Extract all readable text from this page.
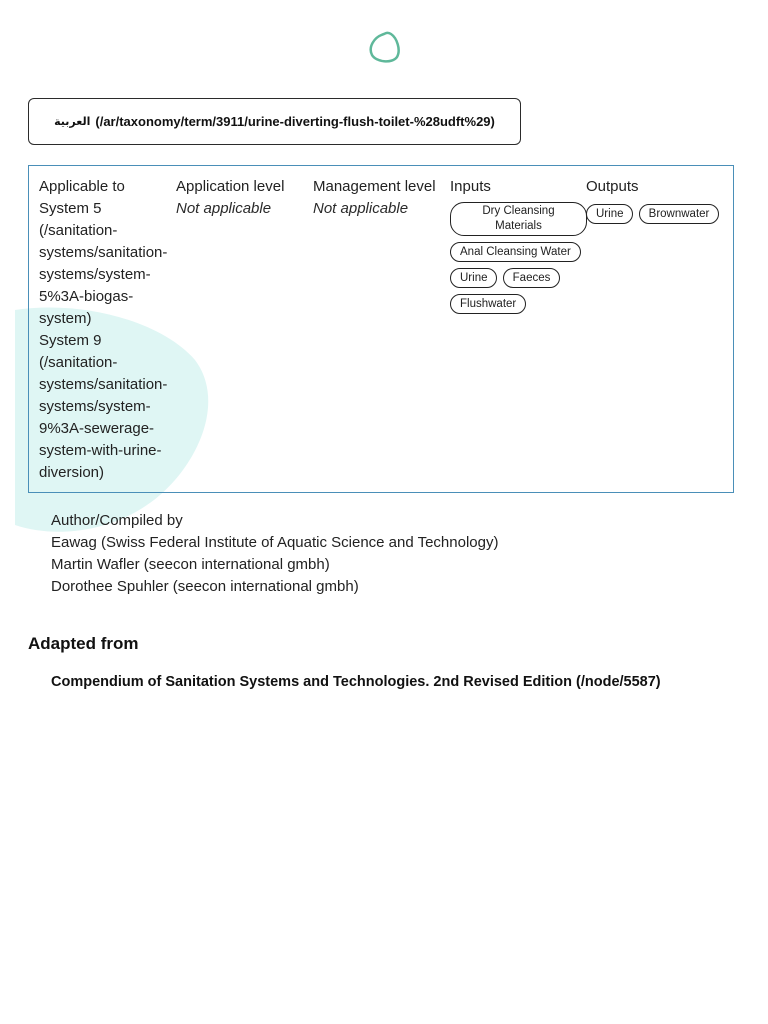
العربية (/ar/taxonomy/term/3911/urine-diverting-flush-toilet-%28udft%29)
Applicable to
System 5 (/sanitation-systems/sanitation-systems/system-5%3A-biogas-system)
System 9 (/sanitation-systems/sanitation-systems/system-9%3A-sewerage-system-with-urine-diversion)
Application level
Not applicable
Management level
Not applicable
Inputs
Dry Cleansing Materials
Anal Cleansing Water
Urine Faeces
Flushwater
Outputs
Urine Brownwater
Author/Compiled by
Eawag (Swiss Federal Institute of Aquatic Science and Technology)
Martin Wafler (seecon international gmbh)
Dorothee Spuhler (seecon international gmbh)
Adapted from
Compendium of Sanitation Systems and Technologies. 2nd Revised Edition (/node/5587)
